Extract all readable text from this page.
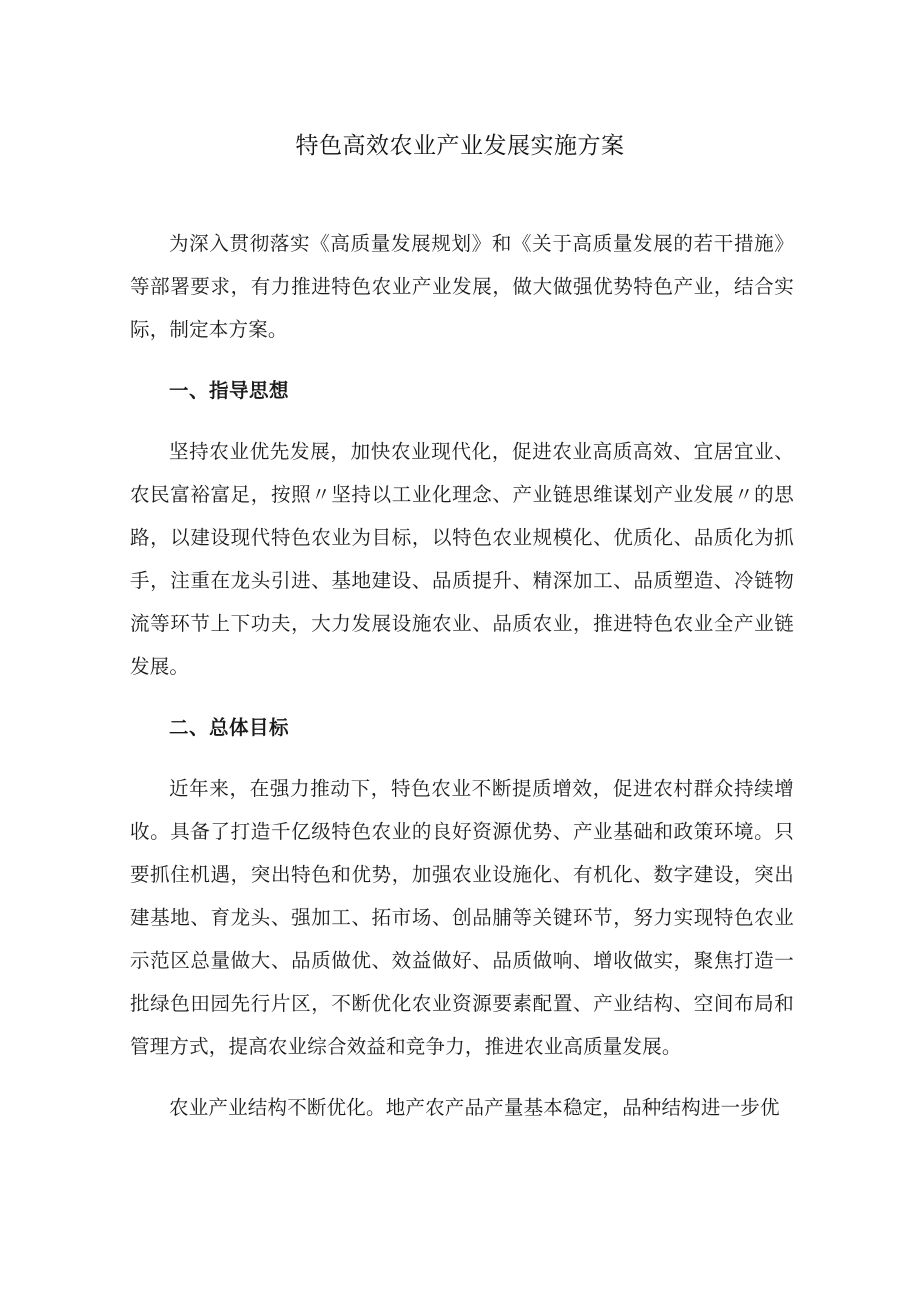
特色高效农业产业发展实施方案

为深入贯彻落实《高质量发展规划》和《关于高质量发展的若干措施》等部署要求，有力推进特色农业产业发展，做大做强优势特色产业，结合实际，制定本方案。

一、指导思想

坚持农业优先发展，加快农业现代化，促进农业高质高效、宜居宜业、农民富裕富足，按照〃坚持以工业化理念、产业链思维谋划产业发展〃的思路，以建设现代特色农业为目标，以特色农业规模化、优质化、品质化为抓手，注重在龙头引进、基地建设、品质提升、精深加工、品质塑造、冷链物流等环节上下功夫，大力发展设施农业、品质农业，推进特色农业全产业链发展。

二、总体目标

近年来，在强力推动下，特色农业不断提质增效，促进农村群众持续增收。具备了打造千亿级特色农业的良好资源优势、产业基础和政策环境。只要抓住机遇，突出特色和优势，加强农业设施化、有机化、数字建设，突出建基地、育龙头、强加工、拓市场、创品脯等关键环节，努力实现特色农业示范区总量做大、品质做优、效益做好、品质做响、增收做实，聚焦打造一批绿色田园先行片区，不断优化农业资源要素配置、产业结构、空间布局和管理方式，提高农业综合效益和竞争力，推进农业高质量发展。

农业产业结构不断优化。地产农产品产量基本稳定，品种结构进一步优
